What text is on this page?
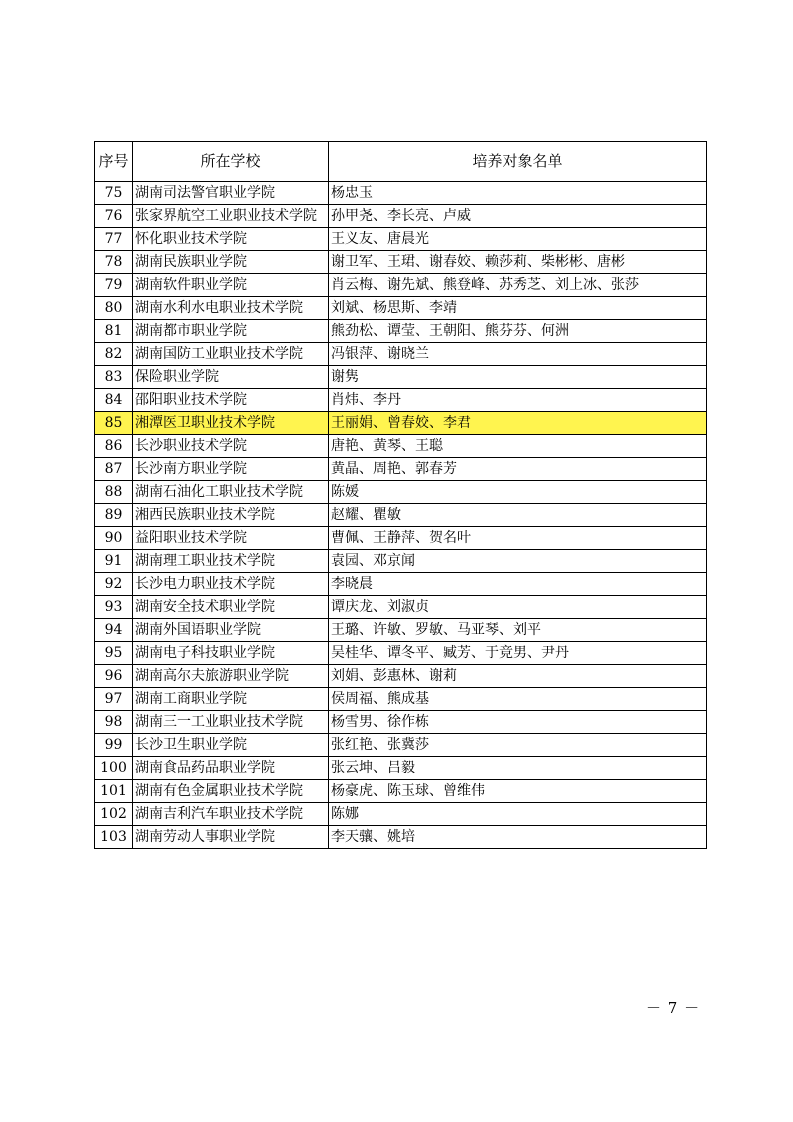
序号	所在学校	培养对象名单
75	湖南司法警官职业学院	杨忠玉
76	张家界航空工业职业技术学院	孙甲尧、李长亮、卢威
77	怀化职业技术学院	王义友、唐晨光
78	湖南民族职业学院	谢卫军、王珺、谢春姣、赖莎莉、柴彬彬、唐彬
79	湖南软件职业学院	肖云梅、谢先斌、熊登峰、苏秀芝、刘上冰、张莎
80	湖南水利水电职业技术学院	刘斌、杨思斯、李靖
81	湖南都市职业学院	熊劲松、谭莹、王朝阳、熊芬芬、何洲
82	湖南国防工业职业技术学院	冯银萍、谢晓兰
83	保险职业学院	谢隽
84	邵阳职业技术学院	肖炜、李丹
85	湘潭医卫职业技术学院	王丽娟、曾春姣、李君
86	长沙职业技术学院	唐艳、黄琴、王聪
87	长沙南方职业学院	黄晶、周艳、郭春芳
88	湖南石油化工职业技术学院	陈媛
89	湘西民族职业技术学院	赵耀、瞿敏
90	益阳职业技术学院	曹佩、王静萍、贺名叶
91	湖南理工职业技术学院	袁园、邓京闻
92	长沙电力职业技术学院	李晓晨
93	湖南安全技术职业学院	谭庆龙、刘淑贞
94	湖南外国语职业学院	王璐、许敏、罗敏、马亚琴、刘平
95	湖南电子科技职业学院	吴桂华、谭冬平、臧芳、于竞男、尹丹
96	湖南高尔夫旅游职业学院	刘娟、彭惠林、谢莉
97	湖南工商职业学院	侯周福、熊成基
98	湖南三一工业职业技术学院	杨雪男、徐作栋
99	长沙卫生职业学院	张红艳、张冀莎
100	湖南食品药品职业学院	张云坤、吕毅
101	湖南有色金属职业技术学院	杨豪虎、陈玉球、曾维伟
102	湖南吉利汽车职业技术学院	陈娜
103	湖南劳动人事职业学院	李天骧、姚培
－ 7 －
